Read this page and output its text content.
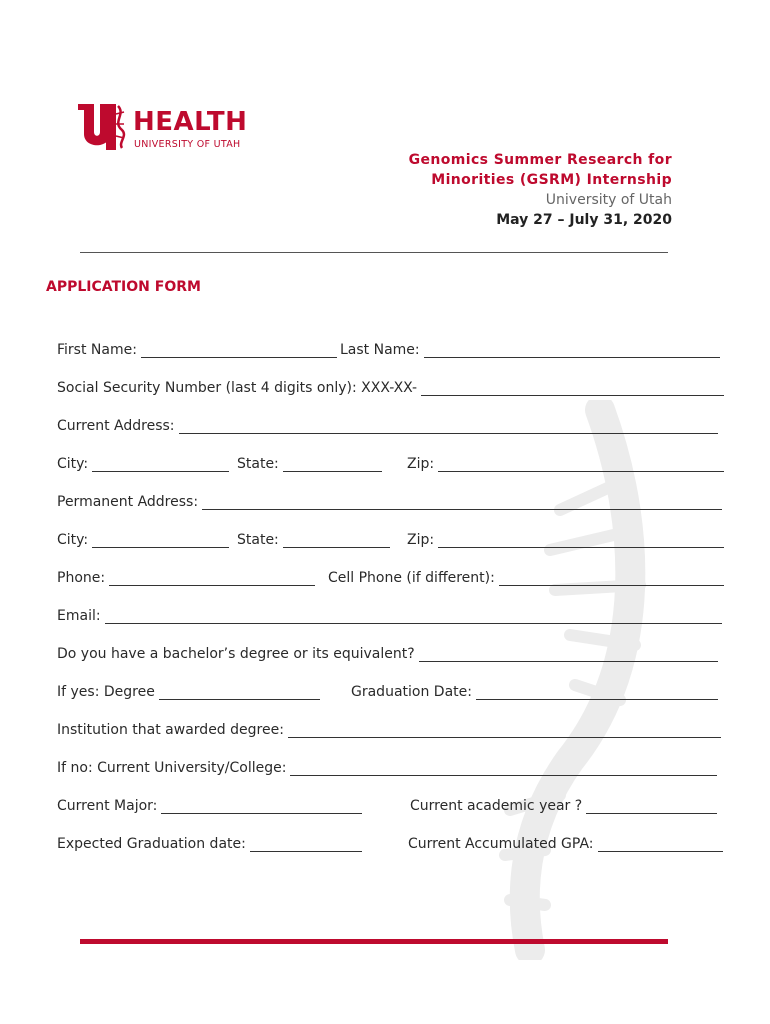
HEALTH
UNIVERSITY OF UTAH
Genomics Summer Research for
Minorities (GSRM) Internship
University of Utah
May 27 – July 31, 2020
APPLICATION FORM
First Name:	Last Name:
Social Security Number (last 4 digits only): XXX-XX-
Current Address:
City:	State:	Zip:
Permanent Address:
City:	State:	Zip:
Phone:	Cell Phone (if different):
Email:
Do you have a bachelor’s degree or its equivalent?
If yes: Degree	Graduation Date:
Institution that awarded degree:
If no: Current University/College:
Current Major:	Current academic year ?
Expected Graduation date:	Current Accumulated GPA:
